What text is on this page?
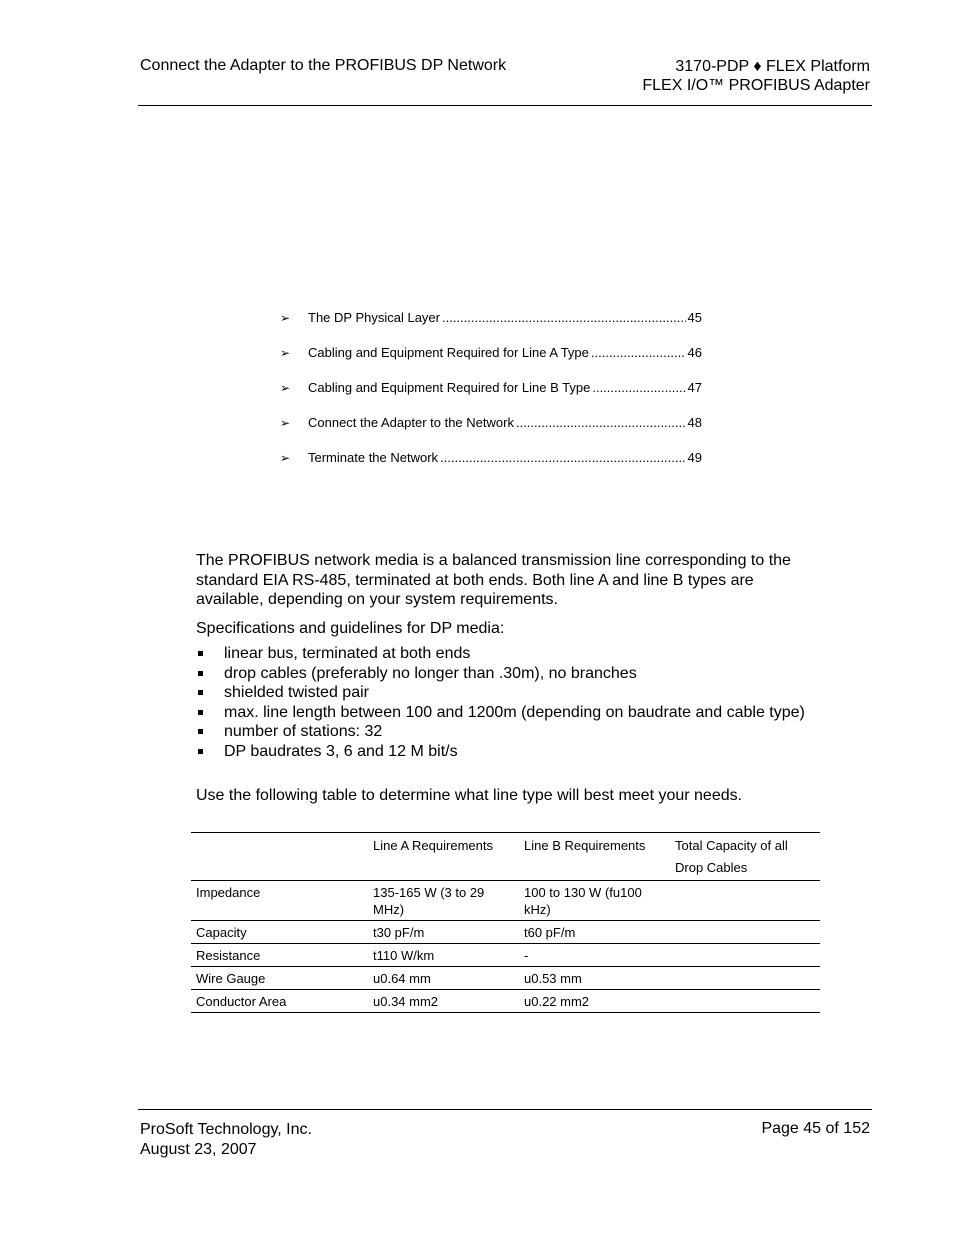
Connect the Adapter to the PROFIBUS DP Network	3170-PDP ♦ FLEX Platform
FLEX I/O™ PROFIBUS Adapter
➢	The DP Physical Layer .....	45
➢	Cabling and Equipment Required for Line A Type .....	46
➢	Cabling and Equipment Required for Line B Type .....	47
➢	Connect the Adapter to the Network .....	48
➢	Terminate the Network .....	49
The PROFIBUS network media is a balanced transmission line corresponding to the standard EIA RS-485, terminated at both ends. Both line A and line B types are available, depending on your system requirements.
Specifications and guidelines for DP media:
linear bus, terminated at both ends
drop cables (preferably no longer than .30m), no branches
shielded twisted pair
max. line length between 100 and 1200m (depending on baudrate and cable type)
number of stations: 32
DP baudrates 3, 6 and 12 M bit/s
Use the following table to determine what line type will best meet your needs.

	Line A Requirements	Line B Requirements	Total Capacity of all Drop Cables
Impedance	135-165 W (3 to 29 MHz)	100 to 130 W (fu100 kHz)	
Capacity	t30 pF/m	t60 pF/m	
Resistance	t110 W/km	-	
Wire Gauge	u0.64 mm	u0.53 mm	
Conductor Area	u0.34 mm2	u0.22 mm2	
ProSoft Technology, Inc.
August 23, 2007
Page 45 of 152
